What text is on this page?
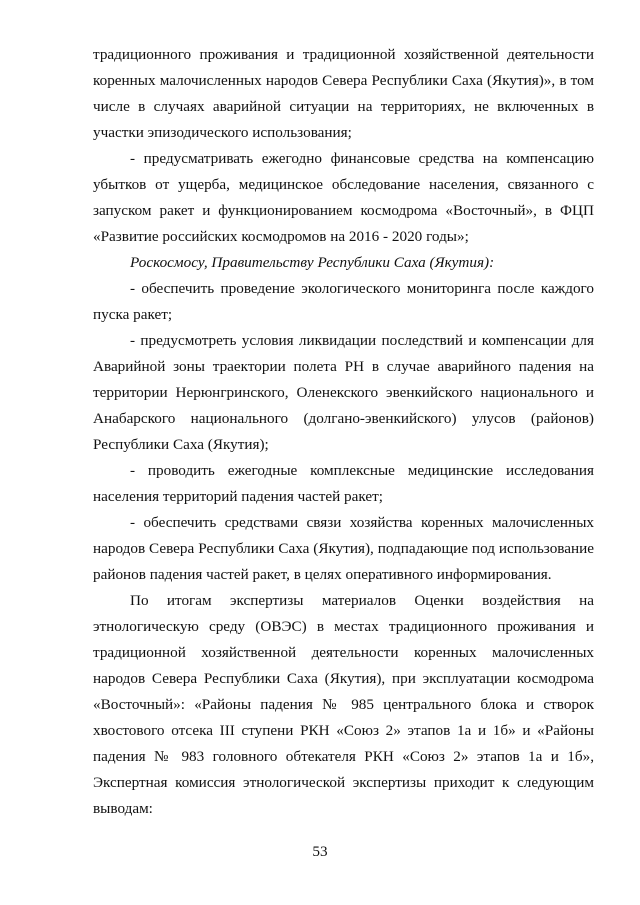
традиционного проживания и традиционной хозяйственной деятельности
коренных малочисленных народов Севера Республики Саха (Якутия)», в том
числе в случаях аварийной ситуации на территориях, не включенных в
участки эпизодического использования;
- предусматривать ежегодно финансовые средства на компенсацию
убытков от ущерба, медицинское обследование населения, связанного с
запуском ракет и функционированием космодрома «Восточный», в ФЦП
«Развитие российских космодромов на 2016 - 2020 годы»;
Роскосмосу, Правительству Республики Саха (Якутия):
- обеспечить проведение экологического мониторинга после каждого
пуска ракет;
- предусмотреть условия ликвидации последствий и компенсации для
Аварийной зоны траектории полета РН в случае аварийного падения на
территории Нерюнгринского, Оленекского эвенкийского национального и
Анабарского национального (долгано-эвенкийского) улусов (районов)
Республики Саха (Якутия);
- проводить ежегодные комплексные медицинские исследования
населения территорий падения частей ракет;
- обеспечить средствами связи хозяйства коренных малочисленных
народов Севера Республики Саха (Якутия), подпадающие под использование
районов падения частей ракет, в целях оперативного информирования.
По итогам экспертизы материалов Оценки воздействия на
этнологическую среду (ОВЭС) в местах традиционного проживания и
традиционной хозяйственной деятельности коренных малочисленных
народов Севера Республики Саха (Якутия), при эксплуатации космодрома
«Восточный»: «Районы падения № 985 центрального блока и створок
хвостового отсека III ступени РКН «Союз 2» этапов 1а и 1б» и «Районы
падения № 983 головного обтекателя РКН «Союз 2» этапов 1а и 1б»,
Экспертная комиссия этнологической экспертизы приходит к следующим
выводам:
53
